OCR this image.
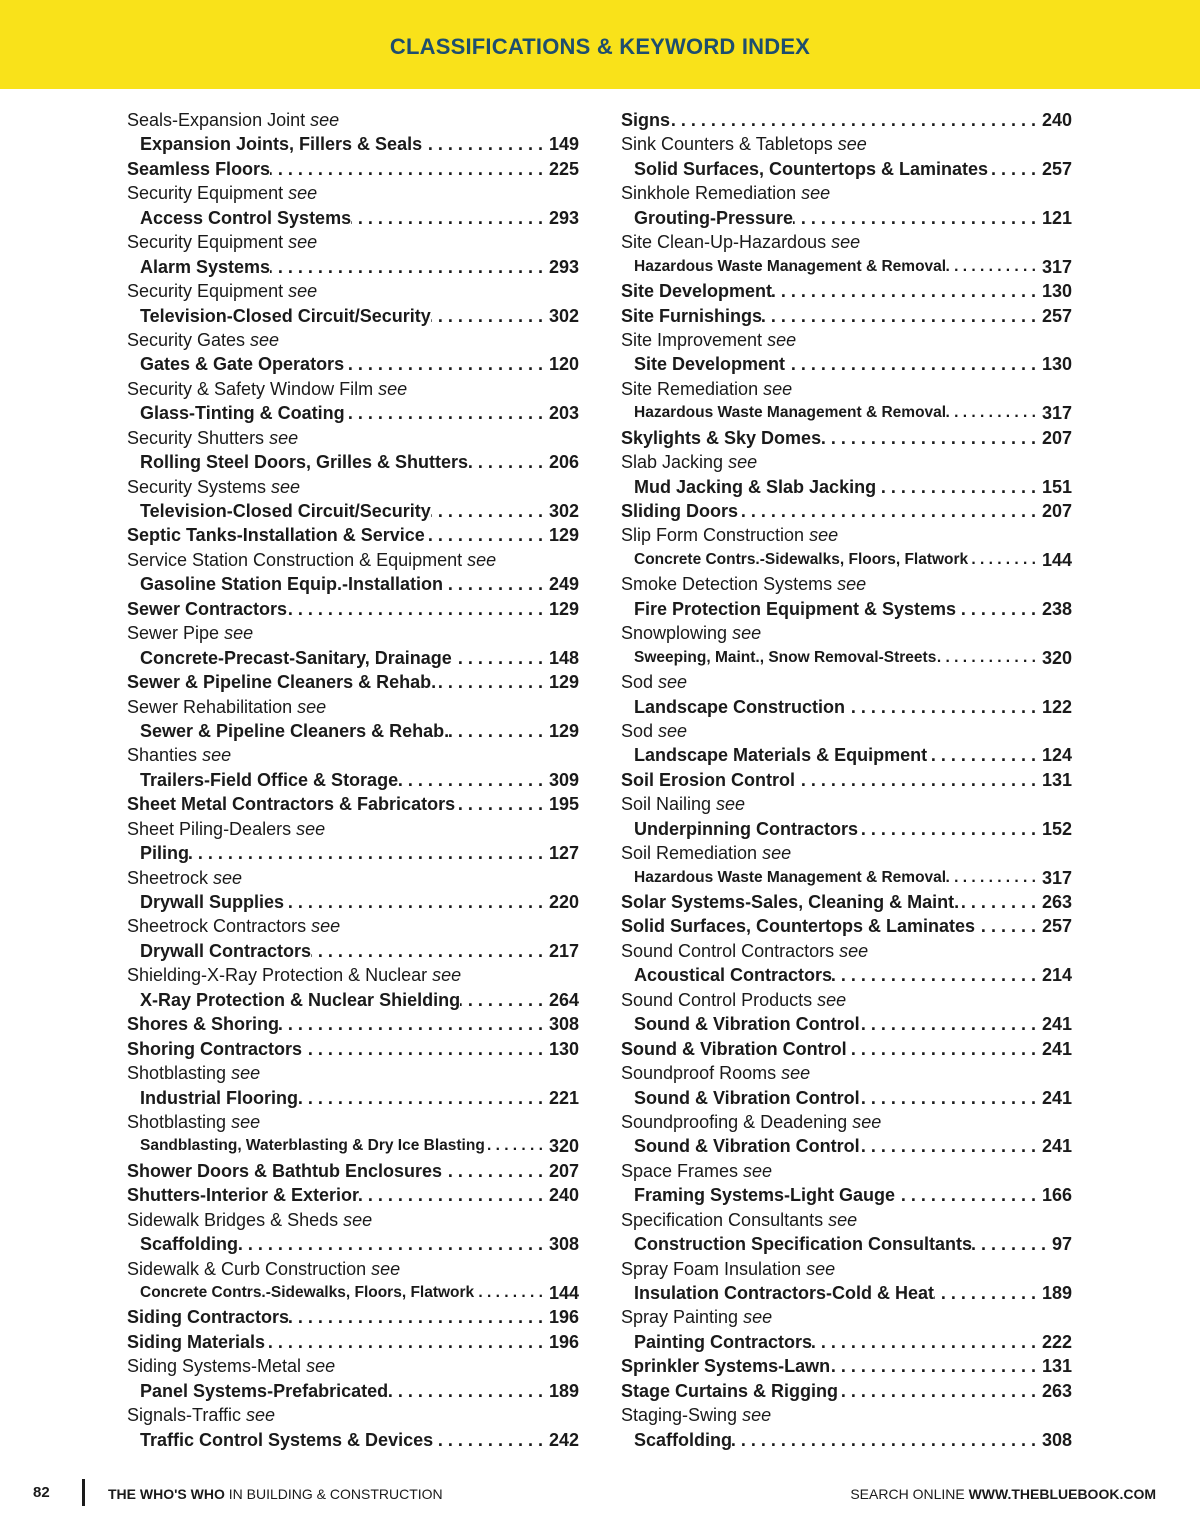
CLASSIFICATIONS & KEYWORD INDEX
Seals-Expansion Joint see
Expansion Joints, Fillers & Seals . . .	149
Seamless Floors . . .	225
Security Equipment see
Access Control Systems . . .	293
Security Equipment see
Alarm Systems . . .	293
Security Equipment see
Television-Closed Circuit/Security . . .	302
Security Gates see
Gates & Gate Operators . . .	120
Security & Safety Window Film see
Glass-Tinting & Coating . . .	203
Security Shutters see
Rolling Steel Doors, Grilles & Shutters . . .	206
Security Systems see
Television-Closed Circuit/Security . . .	302
Septic Tanks-Installation & Service . . .	129
Service Station Construction & Equipment see
Gasoline Station Equip.-Installation . . .	249
Sewer Contractors . . .	129
Sewer Pipe see
Concrete-Precast-Sanitary, Drainage . . .	148
Sewer & Pipeline Cleaners & Rehab. . . .	129
Sewer Rehabilitation see
Sewer & Pipeline Cleaners & Rehab. . . .	129
Shanties see
Trailers-Field Office & Storage . . .	309
Sheet Metal Contractors & Fabricators . . .	195
Sheet Piling-Dealers see
Piling . . .	127
Sheetrock see
Drywall Supplies . . .	220
Sheetrock Contractors see
Drywall Contractors . . .	217
Shielding-X-Ray Protection & Nuclear see
X-Ray Protection & Nuclear Shielding . . .	264
Shores & Shoring . . .	308
Shoring Contractors . . .	130
Shotblasting see
Industrial Flooring . . .	221
Shotblasting see
Sandblasting, Waterblasting & Dry Ice Blasting . . .	320
Shower Doors & Bathtub Enclosures . . .	207
Shutters-Interior & Exterior . . .	240
Sidewalk Bridges & Sheds see
Scaffolding . . .	308
Sidewalk & Curb Construction see
Concrete Contrs.-Sidewalks, Floors, Flatwork . . .	144
Siding Contractors . . .	196
Siding Materials . . .	196
Siding Systems-Metal see
Panel Systems-Prefabricated . . .	189
Signals-Traffic see
Traffic Control Systems & Devices . . .	242
Signs . . .	240
Sink Counters & Tabletops see
Solid Surfaces, Countertops & Laminates . . .	257
Sinkhole Remediation see
Grouting-Pressure . . .	121
Site Clean-Up-Hazardous see
Hazardous Waste Management & Removal . . .	317
Site Development . . .	130
Site Furnishings . . .	257
Site Improvement see
Site Development . . .	130
Site Remediation see
Hazardous Waste Management & Removal . . .	317
Skylights & Sky Domes . . .	207
Slab Jacking see
Mud Jacking & Slab Jacking . . .	151
Sliding Doors . . .	207
Slip Form Construction see
Concrete Contrs.-Sidewalks, Floors, Flatwork . . .	144
Smoke Detection Systems see
Fire Protection Equipment & Systems . . .	238
Snowplowing see
Sweeping, Maint., Snow Removal-Streets . . .	320
Sod see
Landscape Construction . . .	122
Sod see
Landscape Materials & Equipment . . .	124
Soil Erosion Control . . .	131
Soil Nailing see
Underpinning Contractors . . .	152
Soil Remediation see
Hazardous Waste Management & Removal . . .	317
Solar Systems-Sales, Cleaning & Maint. . . .	263
Solid Surfaces, Countertops & Laminates . . .	257
Sound Control Contractors see
Acoustical Contractors . . .	214
Sound Control Products see
Sound & Vibration Control . . .	241
Sound & Vibration Control . . .	241
Soundproof Rooms see
Sound & Vibration Control . . .	241
Soundproofing & Deadening see
Sound & Vibration Control . . .	241
Space Frames see
Framing Systems-Light Gauge . . .	166
Specification Consultants see
Construction Specification Consultants . . .	97
Spray Foam Insulation see
Insulation Contractors-Cold & Heat . . .	189
Spray Painting see
Painting Contractors . . .	222
Sprinkler Systems-Lawn . . .	131
Stage Curtains & Rigging . . .	263
Staging-Swing see
Scaffolding . . .	308
82	THE WHO'S WHO IN BUILDING & CONSTRUCTION	SEARCH ONLINE WWW.THEBLUEBOOK.COM
